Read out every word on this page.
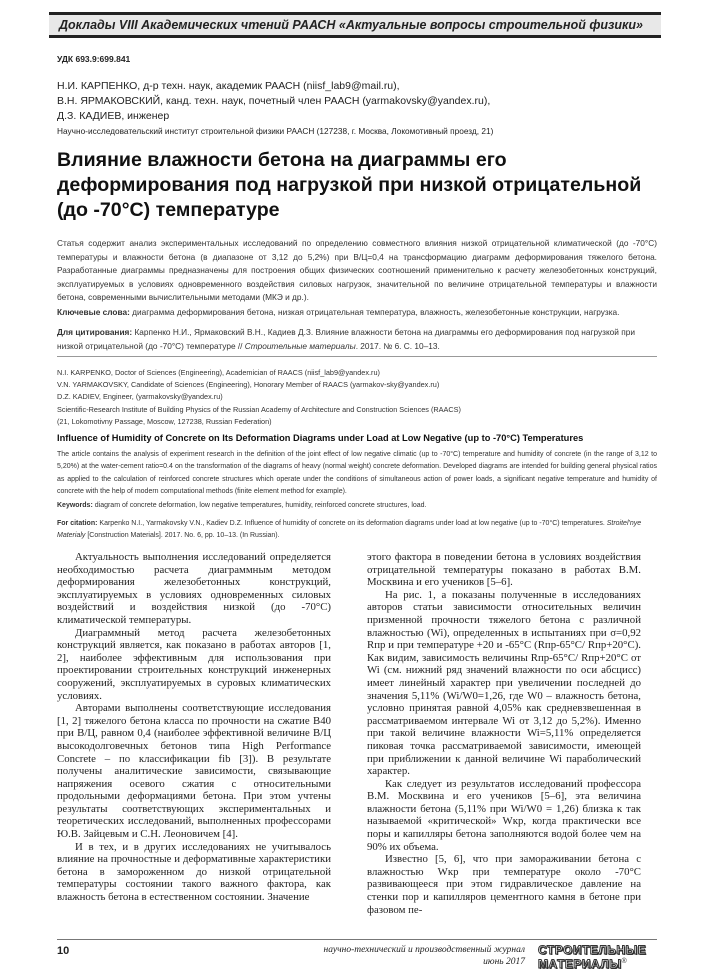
Доклады VIII Академических чтений РААСН «Актуальные вопросы строительной физики»
УДК 693.9:699.841
Н.И. КАРПЕНКО, д-р техн. наук, академик РААСН (niisf_lab9@mail.ru),
В.Н. ЯРМАКОВСКИЙ, канд. техн. наук, почетный член РААСН (yarmakovsky@yandex.ru),
Д.З. КАДИЕВ, инженер
Научно-исследовательский институт строительной физики РААСН (127238, г. Москва, Локомотивный проезд, 21)
Влияние влажности бетона на диаграммы его деформирования под нагрузкой при низкой отрицательной (до -70°С) температуре
Статья содержит анализ экспериментальных исследований по определению совместного влияния низкой отрицательной климатической (до -70°С) температуры и влажности бетона (в диапазоне от 3,12 до 5,2%) при В/Ц=0,4 на трансформацию диаграмм деформирования тяжелого бетона. Разработанные диаграммы предназначены для построения общих физических соотношений применительно к расчету железобетонных конструкций, эксплуатируемых в условиях одновременного воздействия силовых нагрузок, значительной по величине отрицательной температуры и влажности бетона, современными вычислительными методами (МКЭ и др.).
Ключевые слова: диаграмма деформирования бетона, низкая отрицательная температура, влажность, железобетонные конструкции, нагрузка.
Для цитирования: Карпенко Н.И., Ярмаковский В.Н., Кадиев Д.З. Влияние влажности бетона на диаграммы его деформирования под нагрузкой при низкой отрицательной (до -70°С) температуре // Строительные материалы. 2017. № 6. С. 10–13.
N.I. KARPENKO, Doctor of Sciences (Engineering), Academician of RAACS (niisf_lab9@yandex.ru)
V.N. YARMAKOVSKY, Candidate of Sciences (Engineering), Honorary Member of RAACS (yarmakov-sky@yandex.ru)
D.Z. KADIEV, Engineer, (yarmakovsky@yandex.ru)
Scientific-Research Institute of Building Physics of the Russian Academy of Architecture and Construction Sciences (RAACS)
(21, Lokomotivny Passage, Moscow, 127238, Russian Federation)
Influence of Humidity of Concrete on Its Deformation Diagrams under Load at Low Negative (up to -70°C) Temperatures
The article contains the analysis of experiment research in the definition of the joint effect of low negative climatic (up to -70°C) temperature and humidity of concrete (in the range of 3,12 to 5,20%) at the water-cement ratio=0.4 on the transformation of the diagrams of heavy (normal weight) concrete deformation. Developed diagrams are intended for building general physical ratios as applied to the calculation of reinforced concrete structures which operate under the conditions of simultaneous action of power loads, a significant negative temperature and humidity of concrete with the help of modern computational methods (finite element method for example).
Keywords: diagram of concrete deformation, low negative temperatures, humidity, reinforced concrete structures, load.
For citation: Karpenko N.I., Yarmakovsky V.N., Kadiev D.Z. Influence of humidity of concrete on its deformation diagrams under load at low negative (up to -70°C) temperatures. Stroitel'nye Materialy [Construction Materials]. 2017. No. 6, pp. 10–13. (In Russian).

Актуальность выполнения исследований определяется необходимостью расчета диаграммным методом деформирования железобетонных конструкций, эксплуатируемых в условиях одновременных силовых воздействий и воздействия низкой (до -70°С) климатической температуры.

Диаграммный метод расчета железобетонных конструкций является, как показано в работах авторов [1, 2], наиболее эффективным для использования при проектировании строительных конструкций инженерных сооружений, эксплуатируемых в суровых климатических условиях.

Авторами выполнены соответствующие исследования [1, 2] тяжелого бетона класса по прочности на сжатие В40 при В/Ц, равном 0,4 (наиболее эффективной величине В/Ц высокодолговечных бетонов типа High Performance Concrete – по классификации fib [3]). В результате получены аналитические зависимости, связывающие напряжения осевого сжатия с относительными продольными деформациями бетона. При этом учтены результаты соответствующих экспериментальных и теоретических исследований, выполненных профессорами Ю.В. Зайцевым и С.Н. Леоновичем [4].

И в тех, и в других исследованиях не учитывалось влияние на прочностные и деформативные характеристики бетона в замороженном до низкой отрицательной температуры состоянии такого важного фактора, как влажность бетона в естественном состоянии. Значение

этого фактора в поведении бетона в условиях воздействия отрицательной температуры показано в работах В.М. Москвина и его учеников [5–6].

На рис. 1, а показаны полученные в исследованиях авторов статьи зависимости относительных величин призменной прочности тяжелого бетона с различной влажностью (Wi), определенных в испытаниях при σ=0,92 Rпр и при температуре +20 и -65°С (Rпр-65°С/ Rпр+20°С). Как видим, зависимость величины Rпр-65°С/ Rпр+20°С от Wi (см. нижний ряд значений влажности по оси абсцисс) имеет линейный характер при увеличении последней до значения 5,11% (Wi/W0=1,26, где W0 – влажность бетона, условно принятая равной 4,05% как средневзвешенная в рассматриваемом интервале Wi от 3,12 до 5,2%). Именно при такой величине влажности Wi=5,11% определяется пиковая точка рассматриваемой зависимости, имеющей при приближении к данной величине Wi параболический характер.

Как следует из результатов исследований профессора В.М. Москвина и его учеников [5–6], эта величина влажности бетона (5,11% при Wi/W0 = 1,26) близка к так называемой «критической» Wкр, когда практически все поры и капилляры бетона заполняются водой более чем на 90% их объема.

Известно [5, 6], что при замораживании бетона с влажностью Wкр при температуре около -70°С развивающееся при этом гидравлическое давление на стенки пор и капилляров цементного камня в бетоне при фазовом пе-

10	научно-технический и производственный журнал
июнь 2017
СТРОИТЕЛЬНЫЕ
МАТЕРИАЛЫ®
